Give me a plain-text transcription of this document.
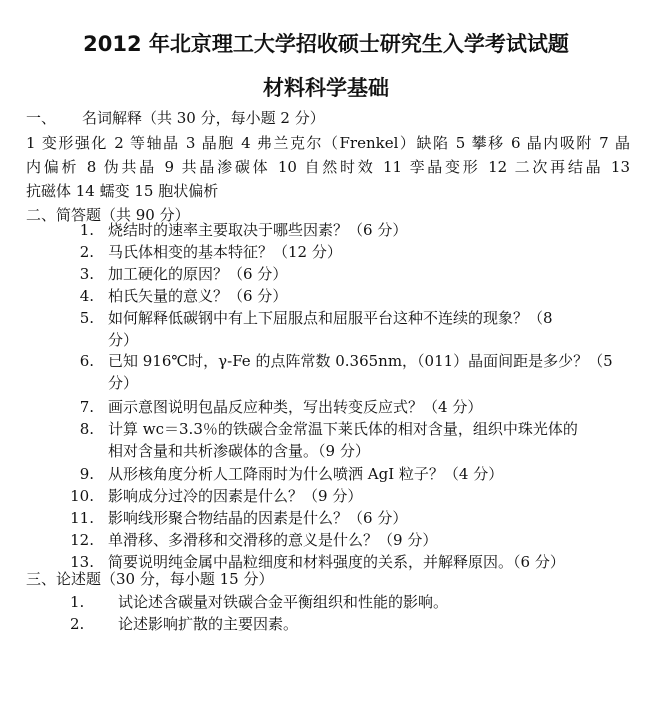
2012 年北京理工大学招收硕士研究生入学考试试题
材料科学基础
一、 名词解释（共 30 分，每小题 2 分）
1 变形强化 2 等轴晶 3 晶胞 4 弗兰克尔（Frenkel）缺陷 5 攀移 6 晶内吸附 7 晶
内偏析 8 伪共晶 9 共晶渗碳体 10 自然时效 11 孪晶变形 12 二次再结晶 13
抗磁体 14 蠕变 15 胞状偏析
二、简答题（共 90 分）
1. 烧结时的速率主要取决于哪些因素？（6 分）
2. 马氏体相变的基本特征？（12 分）
3. 加工硬化的原因？（6 分）
4. 柏氏矢量的意义？（6 分）
5. 如何解释低碳钢中有上下屈服点和屈服平台这种不连续的现象？（8
分）
6. 已知 916℃时，γ-Fe 的点阵常数 0.365nm，（011）晶面间距是多少？（5
分）
7. 画示意图说明包晶反应种类，写出转变反应式？（4 分）
8. 计算 wc＝3.3％的铁碳合金常温下莱氏体的相对含量，组织中珠光体的
相对含量和共析渗碳体的含量。（9 分）
9. 从形核角度分析人工降雨时为什么喷洒 AgI 粒子？（4 分）
10. 影响成分过冷的因素是什么？（9 分）
11. 影响线形聚合物结晶的因素是什么？（6 分）
12. 单滑移、多滑移和交滑移的意义是什么？（9 分）
13. 简要说明纯金属中晶粒细度和材料强度的关系，并解释原因。（6 分）
三、论述题（30 分，每小题 15 分）
1.	试论述含碳量对铁碳合金平衡组织和性能的影响。
2.	论述影响扩散的主要因素。
